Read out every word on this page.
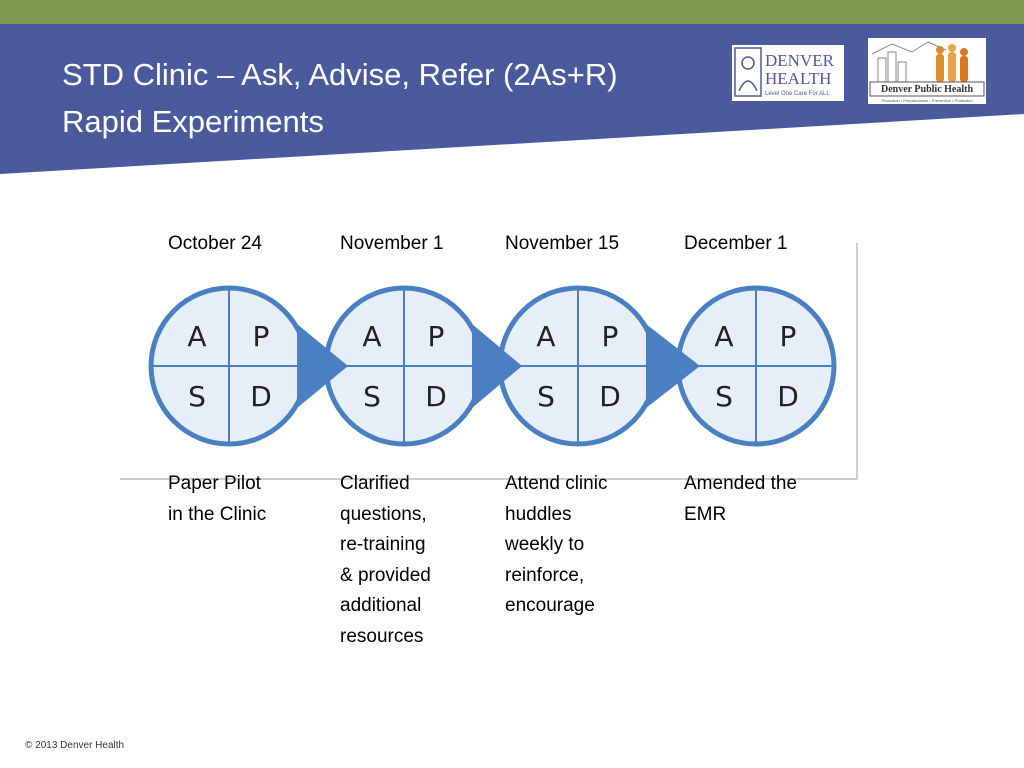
STD Clinic – Ask, Advise, Refer (2As+R)
Rapid Experiments
DENVER
HEALTH
Level One Care For ALL	Denver Public Health
Promotion • Preparedness • Prevention • Protection
October 24	November 1	November 15	December 1
A P
S D
A P
S D
A P
S D
A P
S D
Paper Pilot
in the Clinic
Clarified
questions,
re-training
& provided
additional
resources
Attend clinic
huddles
weekly to
reinforce,
encourage
Amended the
EMR
© 2013 Denver Health
